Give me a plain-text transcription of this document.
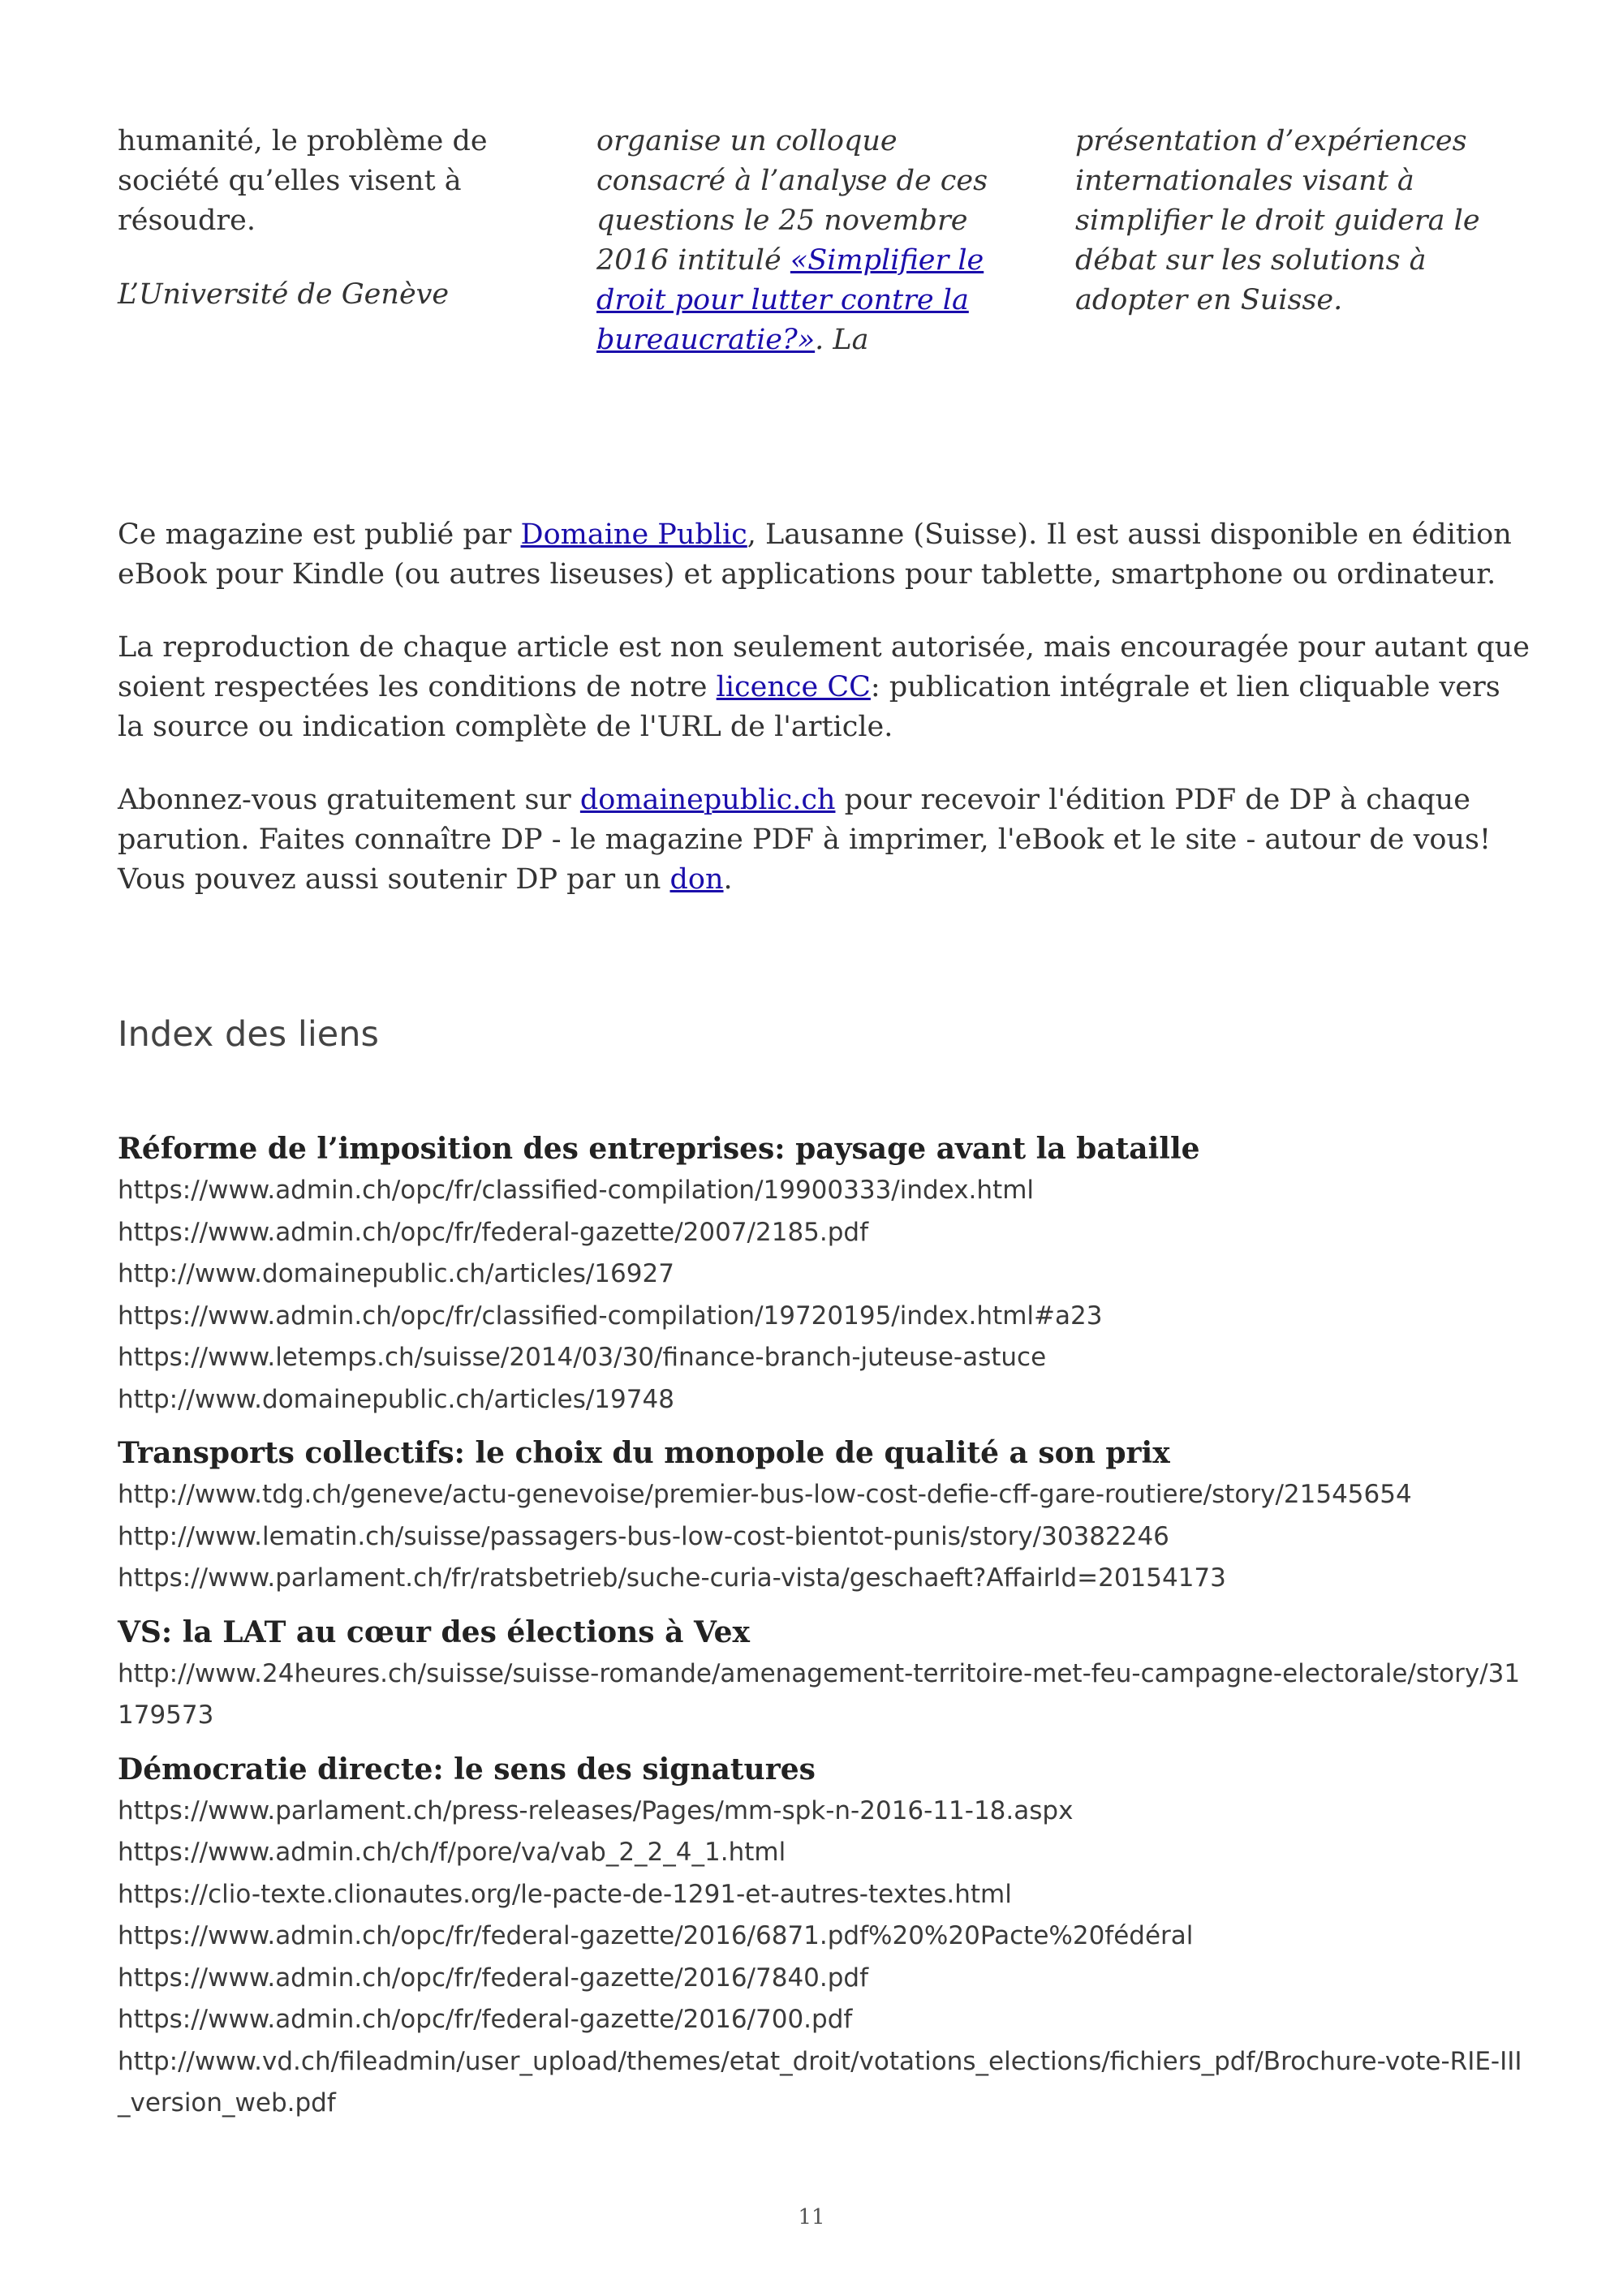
humanité, le problème de société qu’elles visent à résoudre.

L’Université de Genève

organise un colloque consacré à l’analyse de ces questions le 25 novembre 2016 intitulé «Simplifier le droit pour lutter contre la bureaucratie?». La

présentation d’expériences internationales visant à simplifier le droit guidera le débat sur les solutions à adopter en Suisse.

Ce magazine est publié par Domaine Public, Lausanne (Suisse). Il est aussi disponible en édition eBook pour Kindle (ou autres liseuses) et applications pour tablette, smartphone ou ordinateur.

La reproduction de chaque article est non seulement autorisée, mais encouragée pour autant que soient respectées les conditions de notre licence CC: publication intégrale et lien cliquable vers la source ou indication complète de l'URL de l'article.

Abonnez-vous gratuitement sur domainepublic.ch pour recevoir l'édition PDF de DP à chaque parution. Faites connaître DP - le magazine PDF à imprimer, l'eBook et le site - autour de vous! Vous pouvez aussi soutenir DP par un don.

Index des liens

Réforme de l’imposition des entreprises: paysage avant la bataille

https://www.admin.ch/opc/fr/classified-compilation/19900333/index.html

https://www.admin.ch/opc/fr/federal-gazette/2007/2185.pdf

http://www.domainepublic.ch/articles/16927

https://www.admin.ch/opc/fr/classified-compilation/19720195/index.html#a23

https://www.letemps.ch/suisse/2014/03/30/finance-branch-juteuse-astuce

http://www.domainepublic.ch/articles/19748

Transports collectifs: le choix du monopole de qualité a son prix

http://www.tdg.ch/geneve/actu-genevoise/premier-bus-low-cost-defie-cff-gare-routiere/story/21545654

http://www.lematin.ch/suisse/passagers-bus-low-cost-bientot-punis/story/30382246

https://www.parlament.ch/fr/ratsbetrieb/suche-curia-vista/geschaeft?AffairId=20154173

VS: la LAT au cœur des élections à Vex

http://www.24heures.ch/suisse/suisse-romande/amenagement-territoire-met-feu-campagne-electorale/story/31179573

Démocratie directe: le sens des signatures

https://www.parlament.ch/press-releases/Pages/mm-spk-n-2016-11-18.aspx

https://www.admin.ch/ch/f/pore/va/vab_2_2_4_1.html

https://clio-texte.clionautes.org/le-pacte-de-1291-et-autres-textes.html

https://www.admin.ch/opc/fr/federal-gazette/2016/6871.pdf%20%20Pacte%20fédéral

https://www.admin.ch/opc/fr/federal-gazette/2016/7840.pdf

https://www.admin.ch/opc/fr/federal-gazette/2016/700.pdf

http://www.vd.ch/fileadmin/user_upload/themes/etat_droit/votations_elections/fichiers_pdf/Brochure-vote-RIE-III_version_web.pdf

11
